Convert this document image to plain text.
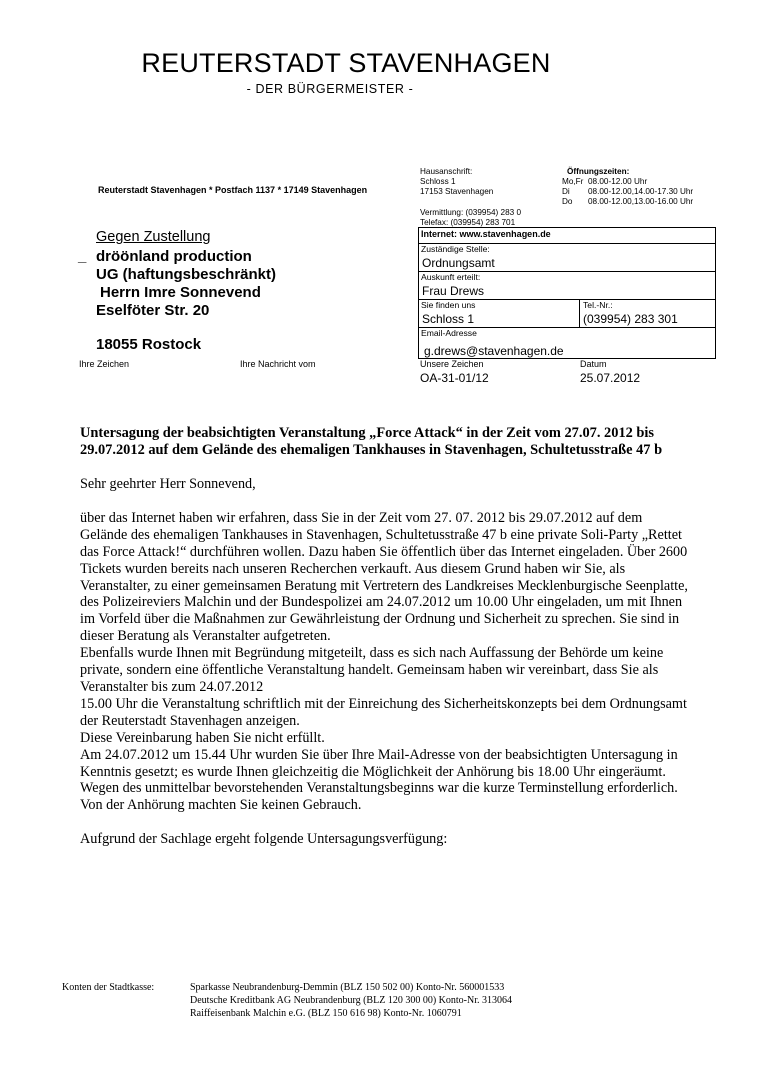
REUTERSTADT STAVENHAGEN
- DER BÜRGERMEISTER -
Reuterstadt Stavenhagen * Postfach 1137 * 17149 Stavenhagen
Hausanschrift:
Schloss 1
17153 Stavenhagen
Vermittlung: (039954) 283 0
Telefax: (039954) 283 701
Öffnungszeiten:
Mo,Fr 08.00-12.00 Uhr
Di 08.00-12.00,14.00-17.30 Uhr
Do 08.00-12.00,13.00-16.00 Uhr
Gegen Zustellung
_ dröönland production
UG (haftungsbeschränkt)
Herrn Imre Sonnevend
Eselföter Str. 20
18055 Rostock
Internet: www.stavenhagen.de
Zuständige Stelle:
Ordnungsamt
Auskunft erteilt:
Frau Drews
Sie finden uns
Schloss 1
Tel.-Nr.:
(039954) 283 301
Email-Adresse
g.drews@stavenhagen.de
Ihre Zeichen	Ihre Nachricht vom	Unsere Zeichen
OA-31-01/12
Datum
25.07.2012

Untersagung der beabsichtigten Veranstaltung „Force Attack“ in der Zeit vom 27.07. 2012 bis 29.07.2012 auf dem Gelände des ehemaligen Tankhauses in Stavenhagen, Schultetusstraße 47 b

Sehr geehrter Herr Sonnevend,

über das Internet haben wir erfahren, dass Sie in der Zeit vom 27. 07. 2012 bis 29.07.2012 auf dem Gelände des ehemaligen Tankhauses in Stavenhagen, Schultetusstraße 47 b eine private Soli-Party „Rettet das Force Attack!“ durchführen wollen. Dazu haben Sie öffentlich über das Internet eingeladen. Über 2600 Tickets wurden bereits nach unseren Recherchen verkauft. Aus diesem Grund haben wir Sie, als Veranstalter, zu einer gemeinsamen Beratung mit Vertretern des Landkreises Mecklenburgische Seenplatte, des Polizeireviers Malchin und der Bundespolizei am 24.07.2012 um 10.00 Uhr eingeladen, um mit Ihnen im Vorfeld über die Maßnahmen zur Gewährleistung der Ordnung und Sicherheit zu sprechen. Sie sind in dieser Beratung als Veranstalter aufgetreten.

Ebenfalls wurde Ihnen mit Begründung mitgeteilt, dass es sich nach Auffassung der Behörde um keine private, sondern eine öffentliche Veranstaltung handelt. Gemeinsam haben wir vereinbart, dass Sie als Veranstalter bis zum 24.07.2012

15.00 Uhr die Veranstaltung schriftlich mit der Einreichung des Sicherheitskonzepts bei dem Ordnungsamt der Reuterstadt Stavenhagen anzeigen.

Diese Vereinbarung haben Sie nicht erfüllt.

Am 24.07.2012 um 15.44 Uhr wurden Sie über Ihre Mail-Adresse von der beabsichtigten Untersagung in Kenntnis gesetzt; es wurde Ihnen gleichzeitig die Möglichkeit der Anhörung bis 18.00 Uhr eingeräumt.

Wegen des unmittelbar bevorstehenden Veranstaltungsbeginns war die kurze Terminstellung erforderlich.

Von der Anhörung machten Sie keinen Gebrauch.

Aufgrund der Sachlage ergeht folgende Untersagungsverfügung:

Konten der Stadtkasse:	Sparkasse Neubrandenburg-Demmin (BLZ 150 502 00) Konto-Nr. 560001533
Deutsche Kreditbank AG Neubrandenburg (BLZ 120 300 00) Konto-Nr. 313064
Raiffeisenbank Malchin e.G. (BLZ 150 616 98) Konto-Nr. 1060791
